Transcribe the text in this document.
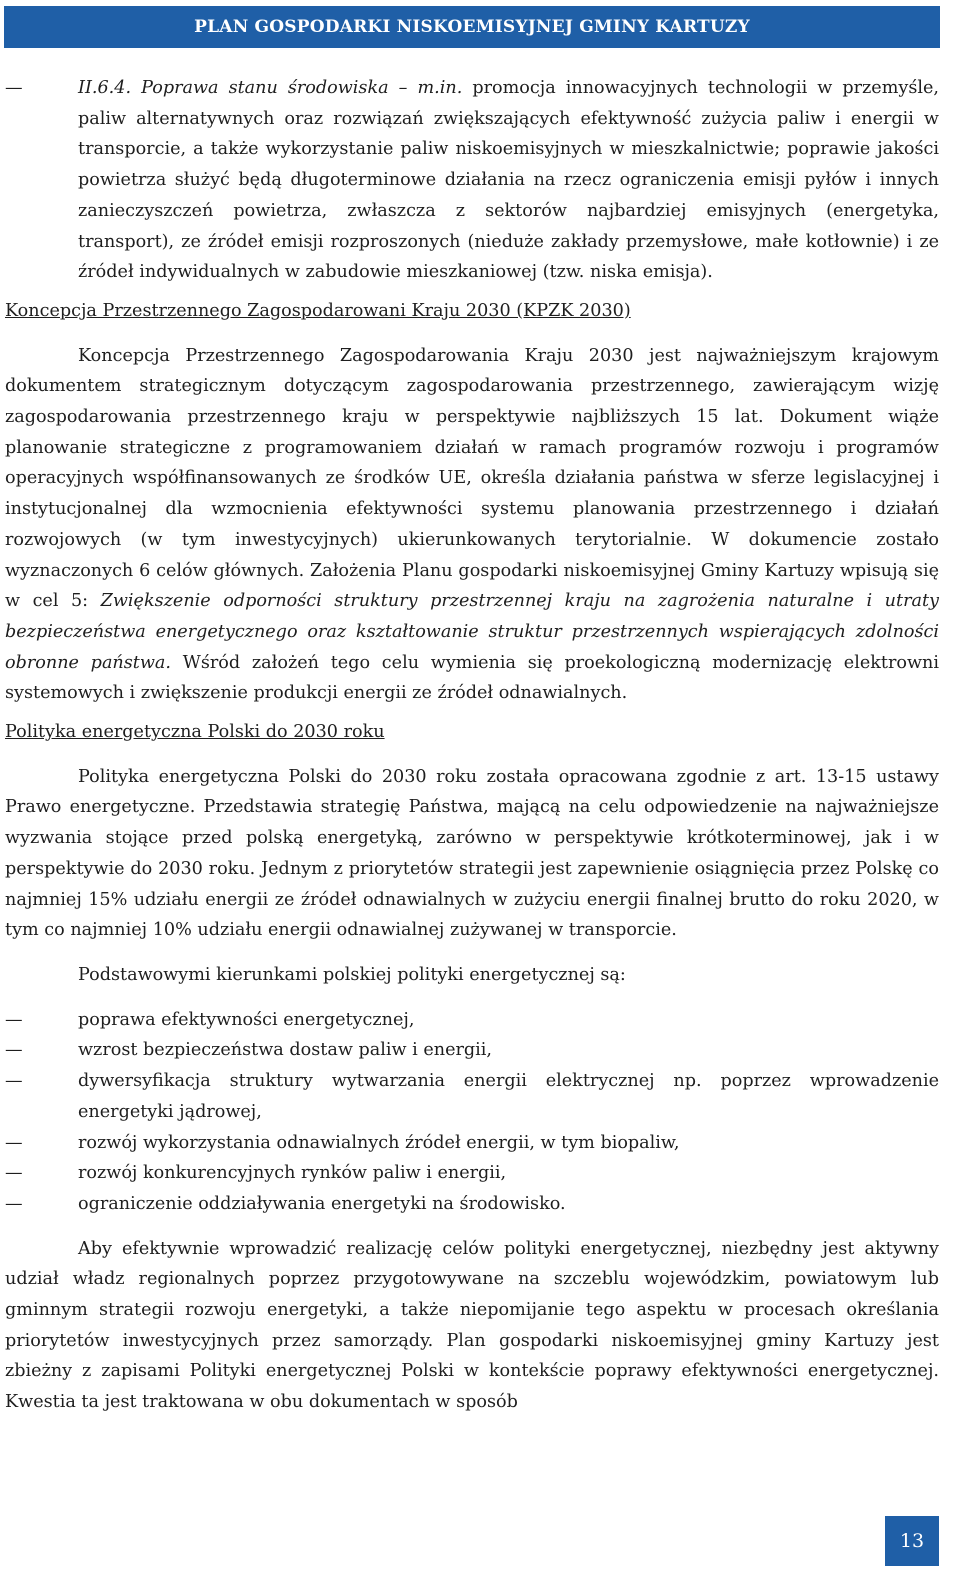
PLAN GOSPODARKI NISKOEMISYJNEJ GMINY KARTUZY
—	II.6.4. Poprawa stanu środowiska – m.in. promocja innowacyjnych technologii w przemyśle, paliw alternatywnych oraz rozwiązań zwiększających efektywność zużycia paliw i energii w transporcie, a także wykorzystanie paliw niskoemisyjnych w mieszkalnictwie; poprawie jakości powietrza służyć będą długoterminowe działania na rzecz ograniczenia emisji pyłów i innych zanieczyszczeń powietrza, zwłaszcza z sektorów najbardziej emisyjnych (energetyka, transport), ze źródeł emisji rozproszonych (nieduże zakłady przemysłowe, małe kotłownie) i ze źródeł indywidualnych w zabudowie mieszkaniowej (tzw. niska emisja).

Koncepcja Przestrzennego Zagospodarowani Kraju 2030 (KPZK 2030)

Koncepcja Przestrzennego Zagospodarowania Kraju 2030 jest najważniejszym krajowym dokumentem strategicznym dotyczącym zagospodarowania przestrzennego, zawierającym wizję zagospodarowania przestrzennego kraju w perspektywie najbliższych 15 lat. Dokument wiąże planowanie strategiczne z programowaniem działań w ramach programów rozwoju i programów operacyjnych współfinansowanych ze środków UE, określa działania państwa w sferze legislacyjnej i instytucjonalnej dla wzmocnienia efektywności systemu planowania przestrzennego i działań rozwojowych (w tym inwestycyjnych) ukierunkowanych terytorialnie. W dokumencie zostało wyznaczonych 6 celów głównych. Założenia Planu gospodarki niskoemisyjnej Gminy Kartuzy wpisują się w cel 5: Zwiększenie odporności struktury przestrzennej kraju na zagrożenia naturalne i utraty bezpieczeństwa energetycznego oraz kształtowanie struktur przestrzennych wspierających zdolności obronne państwa. Wśród założeń tego celu wymienia się proekologiczną modernizację elektrowni systemowych i zwiększenie produkcji energii ze źródeł odnawialnych.

Polityka energetyczna Polski do 2030 roku

Polityka energetyczna Polski do 2030 roku została opracowana zgodnie z art. 13-15 ustawy Prawo energetyczne. Przedstawia strategię Państwa, mającą na celu odpowiedzenie na najważniejsze wyzwania stojące przed polską energetyką, zarówno w perspektywie krótkoterminowej, jak i w perspektywie do 2030 roku. Jednym z priorytetów strategii jest zapewnienie osiągnięcia przez Polskę co najmniej 15% udziału energii ze źródeł odnawialnych w zużyciu energii finalnej brutto do roku 2020, w tym co najmniej 10% udziału energii odnawialnej zużywanej w transporcie.

Podstawowymi kierunkami polskiej polityki energetycznej są:

—	poprawa efektywności energetycznej,
—	wzrost bezpieczeństwa dostaw paliw i energii,
—	dywersyfikacja struktury wytwarzania energii elektrycznej np. poprzez wprowadzenie energetyki jądrowej,
—	rozwój wykorzystania odnawialnych źródeł energii, w tym biopaliw,
—	rozwój konkurencyjnych rynków paliw i energii,
—	ograniczenie oddziaływania energetyki na środowisko.

Aby efektywnie wprowadzić realizację celów polityki energetycznej, niezbędny jest aktywny udział władz regionalnych poprzez przygotowywane na szczeblu wojewódzkim, powiatowym lub gminnym strategii rozwoju energetyki, a także niepomijanie tego aspektu w procesach określania priorytetów inwestycyjnych przez samorządy. Plan gospodarki niskoemisyjnej gminy Kartuzy jest zbieżny z zapisami Polityki energetycznej Polski w kontekście poprawy efektywności energetycznej. Kwestia ta jest traktowana w obu dokumentach w sposób

13
